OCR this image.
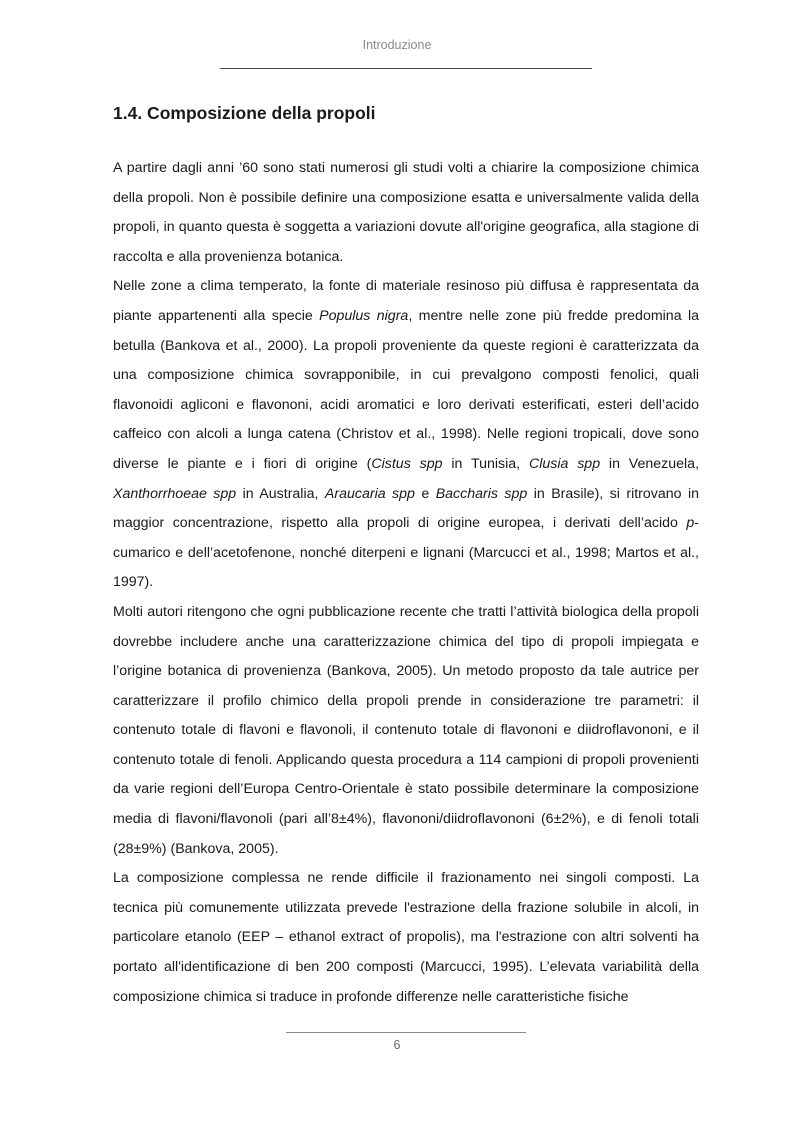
Introduzione
1.4. Composizione della propoli

A partire dagli anni ’60 sono stati numerosi gli studi volti a chiarire la composizione chimica della propoli. Non è possibile definire una composizione esatta e universalmente valida della propoli, in quanto questa è soggetta a variazioni dovute all'origine geografica, alla stagione di raccolta e alla provenienza botanica.

Nelle zone a clima temperato, la fonte di materiale resinoso più diffusa è rappresentata da piante appartenenti alla specie Populus nigra, mentre nelle zone più fredde predomina la betulla (Bankova et al., 2000). La propoli proveniente da queste regioni è caratterizzata da una composizione chimica sovrapponibile, in cui prevalgono composti fenolici, quali flavonoidi agliconi e flavononi, acidi aromatici e loro derivati esterificati, esteri dell’acido caffeico con alcoli a lunga catena (Christov et al., 1998). Nelle regioni tropicali, dove sono diverse le piante e i fiori di origine (Cistus spp in Tunisia, Clusia spp in Venezuela, Xanthorrhoeae spp in Australia, Araucaria spp e Baccharis spp in Brasile), si ritrovano in maggior concentrazione, rispetto alla propoli di origine europea, i derivati dell’acido p-cumarico e dell’acetofenone, nonché diterpeni e lignani (Marcucci et al., 1998; Martos et al., 1997).

Molti autori ritengono che ogni pubblicazione recente che tratti l’attività biologica della propoli dovrebbe includere anche una caratterizzazione chimica del tipo di propoli impiegata e l’origine botanica di provenienza (Bankova, 2005). Un metodo proposto da tale autrice per caratterizzare il profilo chimico della propoli prende in considerazione tre parametri: il contenuto totale di flavoni e flavonoli, il contenuto totale di flavononi e diidroflavononi, e il contenuto totale di fenoli. Applicando questa procedura a 114 campioni di propoli provenienti da varie regioni dell’Europa Centro-Orientale è stato possibile determinare la composizione media di flavoni/flavonoli (pari all’8±4%), flavononi/diidroflavononi (6±2%), e di fenoli totali (28±9%) (Bankova, 2005).

La composizione complessa ne rende difficile il frazionamento nei singoli composti. La tecnica più comunemente utilizzata prevede l'estrazione della frazione solubile in alcoli, in particolare etanolo (EEP – ethanol extract of propolis), ma l'estrazione con altri solventi ha portato all'identificazione di ben 200 composti (Marcucci, 1995). L’elevata variabilità della composizione chimica si traduce in profonde differenze nelle caratteristiche fisiche

6
